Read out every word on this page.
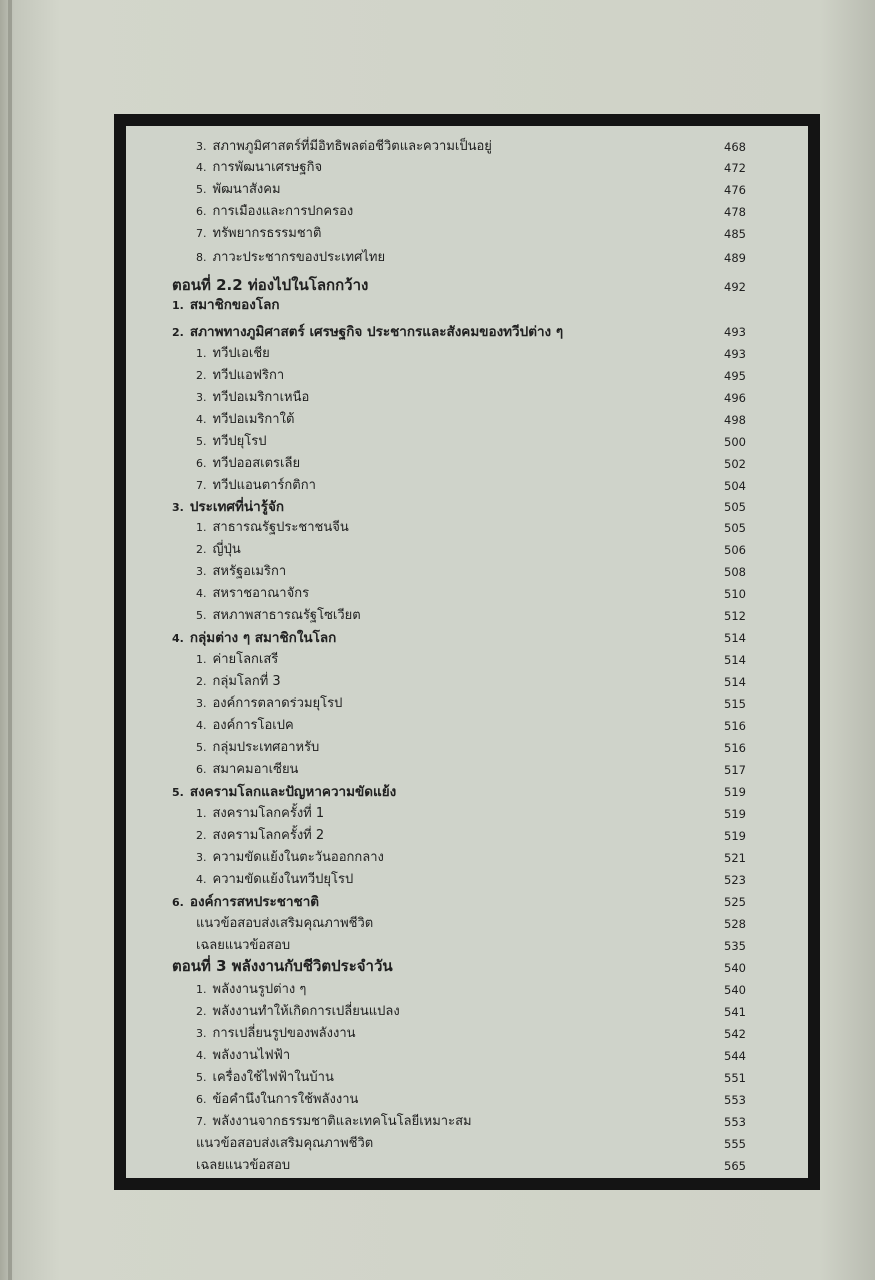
3. สภาพภูมิศาสตร์ที่มีอิทธิพลต่อชีวิตและความเป็นอยู่	468
4. การพัฒนาเศรษฐกิจ	472
5. พัฒนาสังคม	476
6. การเมืองและการปกครอง	478
7. ทรัพยากรธรรมชาติ	485
8. ภาวะประชากรของประเทศไทย	489
ตอนที่ 2.2 ท่องไปในโลกกว้าง	492
1. สมาชิกของโลก
2. สภาพทางภูมิศาสตร์ เศรษฐกิจ ประชากรและสังคมของทวีปต่าง ๆ	493
1. ทวีปเอเชีย	493
2. ทวีปแอฟริกา	495
3. ทวีปอเมริกาเหนือ	496
4. ทวีปอเมริกาใต้	498
5. ทวีปยุโรป	500
6. ทวีปออสเตรเลีย	502
7. ทวีปแอนตาร์กติกา	504
3. ประเทศที่น่ารู้จัก	505
1. สาธารณรัฐประชาชนจีน	505
2. ญี่ปุ่น	506
3. สหรัฐอเมริกา	508
4. สหราชอาณาจักร	510
5. สหภาพสาธารณรัฐโซเวียต	512
4. กลุ่มต่าง ๆ สมาชิกในโลก	514
1. ค่ายโลกเสรี	514
2. กลุ่มโลกที่ 3	514
3. องค์การตลาดร่วมยุโรป	515
4. องค์การโอเปค	516
5. กลุ่มประเทศอาหรับ	516
6. สมาคมอาเซียน	517
5. สงครามโลกและปัญหาความขัดแย้ง	519
1. สงครามโลกครั้งที่ 1	519
2. สงครามโลกครั้งที่ 2	519
3. ความขัดแย้งในตะวันออกกลาง	521
4. ความขัดแย้งในทวีปยุโรป	523
6. องค์การสหประชาชาติ	525
แนวข้อสอบส่งเสริมคุณภาพชีวิต	528
เฉลยแนวข้อสอบ	535
ตอนที่ 3 พลังงานกับชีวิตประจำวัน	540
1. พลังงานรูปต่าง ๆ	540
2. พลังงานทำให้เกิดการเปลี่ยนแปลง	541
3. การเปลี่ยนรูปของพลังงาน	542
4. พลังงานไฟฟ้า	544
5. เครื่องใช้ไฟฟ้าในบ้าน	551
6. ข้อคำนึงในการใช้พลังงาน	553
7. พลังงานจากธรรมชาติและเทคโนโลยีเหมาะสม	553
แนวข้อสอบส่งเสริมคุณภาพชีวิต	555
เฉลยแนวข้อสอบ	565
